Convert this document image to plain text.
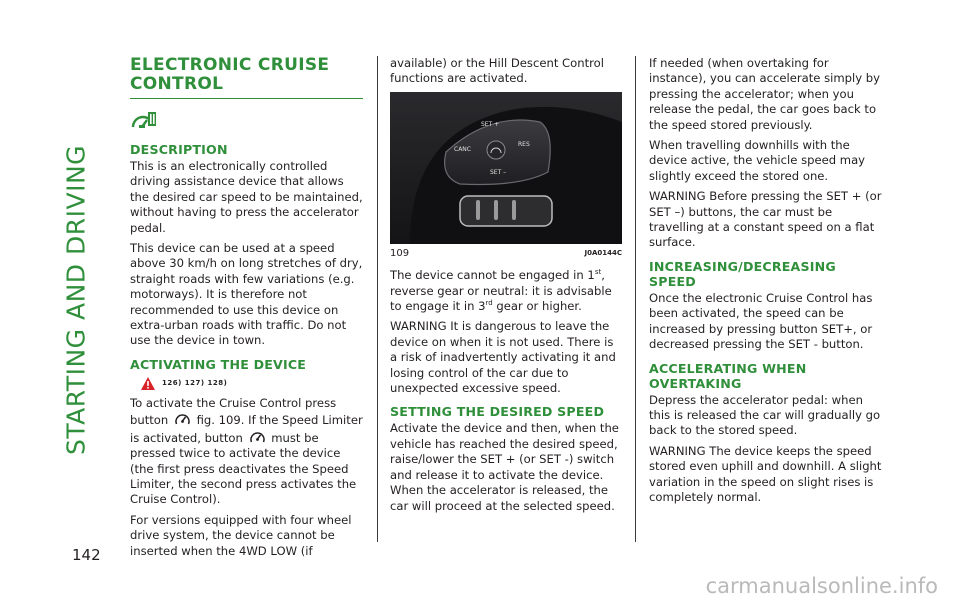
STARTING AND DRIVING
142
ELECTRONIC CRUISE CONTROL
DESCRIPTION

This is an electronically controlled driving assistance device that allows the desired car speed to be maintained, without having to press the accelerator pedal.

This device can be used at a speed above 30 km/h on long stretches of dry, straight roads with few variations (e.g. motorways). It is therefore not recommended to use this device on extra-urban roads with traffic. Do not use the device in town.

ACTIVATING THE DEVICE
126) 127) 128)

To activate the Cruise Control press button fig. 109. If the Speed Limiter is activated, button must be pressed twice to activate the device (the first press deactivates the Speed Limiter, the second press activates the Cruise Control).

For versions equipped with four wheel drive system, the device cannot be inserted when the 4WD LOW (if

available) or the Hill Descent Control functions are activated.

SET +
CANC
RES
SET –
109	J0A0144C

The device cannot be engaged in 1st, reverse gear or neutral: it is advisable to engage it in 3rd gear or higher.

WARNING It is dangerous to leave the device on when it is not used. There is a risk of inadvertently activating it and losing control of the car due to unexpected excessive speed.

SETTING THE DESIRED SPEED

Activate the device and then, when the vehicle has reached the desired speed, raise/lower the SET + (or SET -) switch and release it to activate the device. When the accelerator is released, the car will proceed at the selected speed.

If needed (when overtaking for instance), you can accelerate simply by pressing the accelerator; when you release the pedal, the car goes back to the speed stored previously.

When travelling downhills with the device active, the vehicle speed may slightly exceed the stored one.

WARNING Before pressing the SET + (or SET –) buttons, the car must be travelling at a constant speed on a flat surface.

INCREASING/DECREASING SPEED

Once the electronic Cruise Control has been activated, the speed can be increased by pressing button SET+, or decreased pressing the SET - button.

ACCELERATING WHEN OVERTAKING

Depress the accelerator pedal: when this is released the car will gradually go back to the stored speed.

WARNING The device keeps the speed stored even uphill and downhill. A slight variation in the speed on slight rises is completely normal.

carmanualsonline.info
